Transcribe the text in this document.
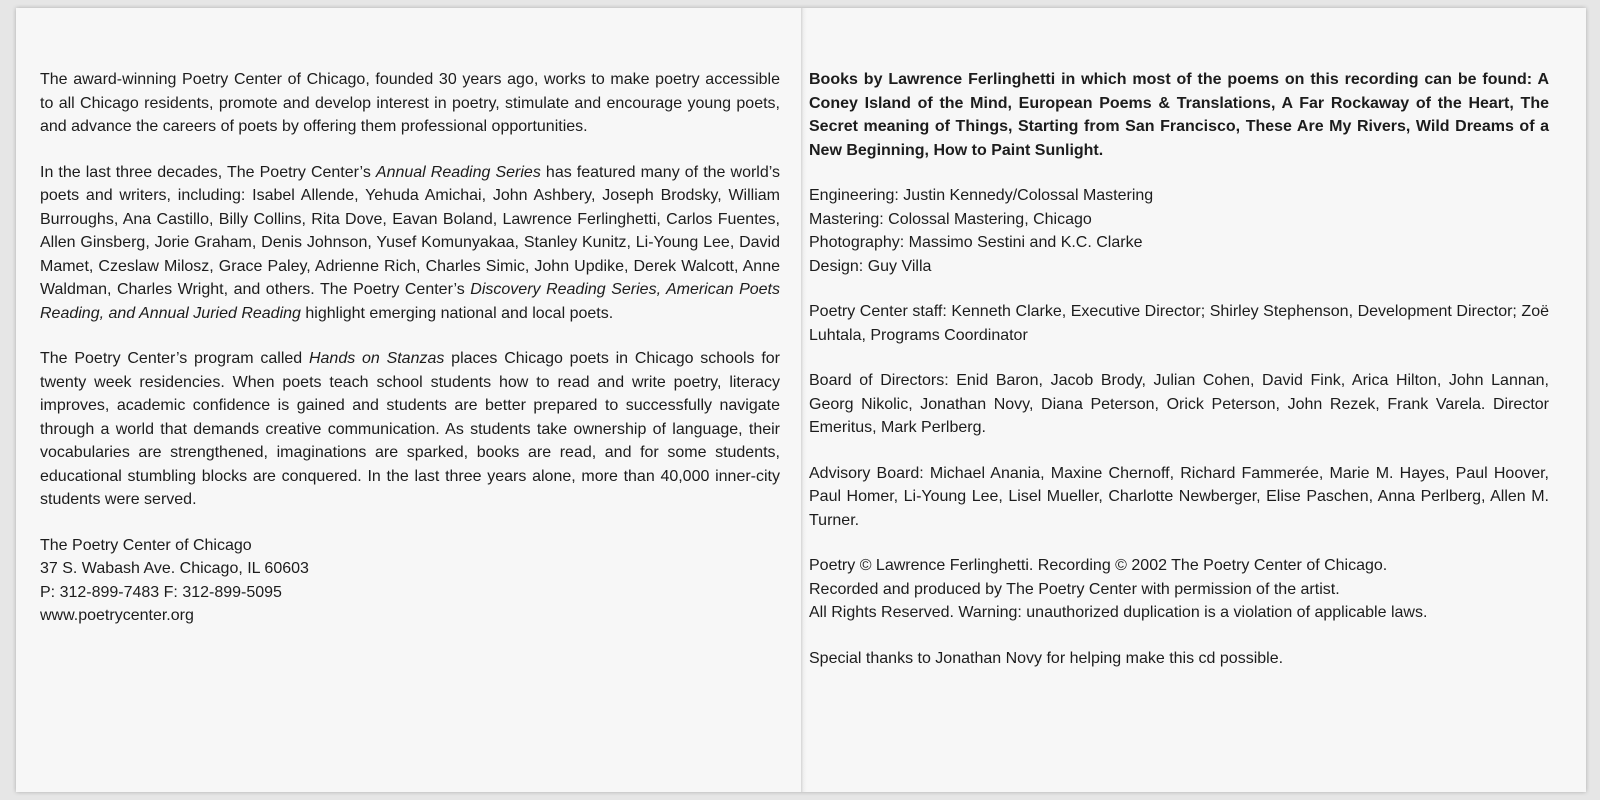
The award-winning Poetry Center of Chicago, founded 30 years ago, works to make poetry accessible to all Chicago residents, promote and develop interest in poetry, stimulate and encourage young poets, and advance the careers of poets by offering them professional opportunities.

In the last three decades, The Poetry Center’s Annual Reading Series has featured many of the world’s poets and writers, including: Isabel Allende, Yehuda Amichai, John Ashbery, Joseph Brodsky, William Burroughs, Ana Castillo, Billy Collins, Rita Dove, Eavan Boland, Lawrence Ferlinghetti, Carlos Fuentes, Allen Ginsberg, Jorie Graham, Denis Johnson, Yusef Komunyakaa, Stanley Kunitz, Li-Young Lee, David Mamet, Czeslaw Milosz, Grace Paley, Adrienne Rich, Charles Simic, John Updike, Derek Walcott, Anne Waldman, Charles Wright, and others. The Poetry Center’s Discovery Reading Series, American Poets Reading, and Annual Juried Reading highlight emerging national and local poets.

The Poetry Center’s program called Hands on Stanzas places Chicago poets in Chicago schools for twenty week residencies. When poets teach school students how to read and write poetry, literacy improves, academic confidence is gained and students are better prepared to successfully navigate through a world that demands creative communication. As students take ownership of language, their vocabularies are strengthened, imaginations are sparked, books are read, and for some students, educational stumbling blocks are conquered. In the last three years alone, more than 40,000 inner-city students were served.

The Poetry Center of Chicago
37 S. Wabash Ave. Chicago, IL 60603
P: 312-899-7483 F: 312-899-5095
www.poetrycenter.org

Books by Lawrence Ferlinghetti in which most of the poems on this recording can be found: A Coney Island of the Mind, European Poems & Translations, A Far Rockaway of the Heart, The Secret meaning of Things, Starting from San Francisco, These Are My Rivers, Wild Dreams of a New Beginning, How to Paint Sunlight.

Engineering: Justin Kennedy/Colossal Mastering
Mastering: Colossal Mastering, Chicago
Photography: Massimo Sestini and K.C. Clarke
Design: Guy Villa

Poetry Center staff: Kenneth Clarke, Executive Director; Shirley Stephenson, Development Director; Zoë Luhtala, Programs Coordinator

Board of Directors: Enid Baron, Jacob Brody, Julian Cohen, David Fink, Arica Hilton, John Lannan, Georg Nikolic, Jonathan Novy, Diana Peterson, Orick Peterson, John Rezek, Frank Varela. Director Emeritus, Mark Perlberg.

Advisory Board: Michael Anania, Maxine Chernoff, Richard Fammerée, Marie M. Hayes, Paul Hoover, Paul Homer, Li-Young Lee, Lisel Mueller, Charlotte Newberger, Elise Paschen, Anna Perlberg, Allen M. Turner.

Poetry © Lawrence Ferlinghetti. Recording © 2002 The Poetry Center of Chicago.
Recorded and produced by The Poetry Center with permission of the artist.
All Rights Reserved. Warning: unauthorized duplication is a violation of applicable laws.

Special thanks to Jonathan Novy for helping make this cd possible.
